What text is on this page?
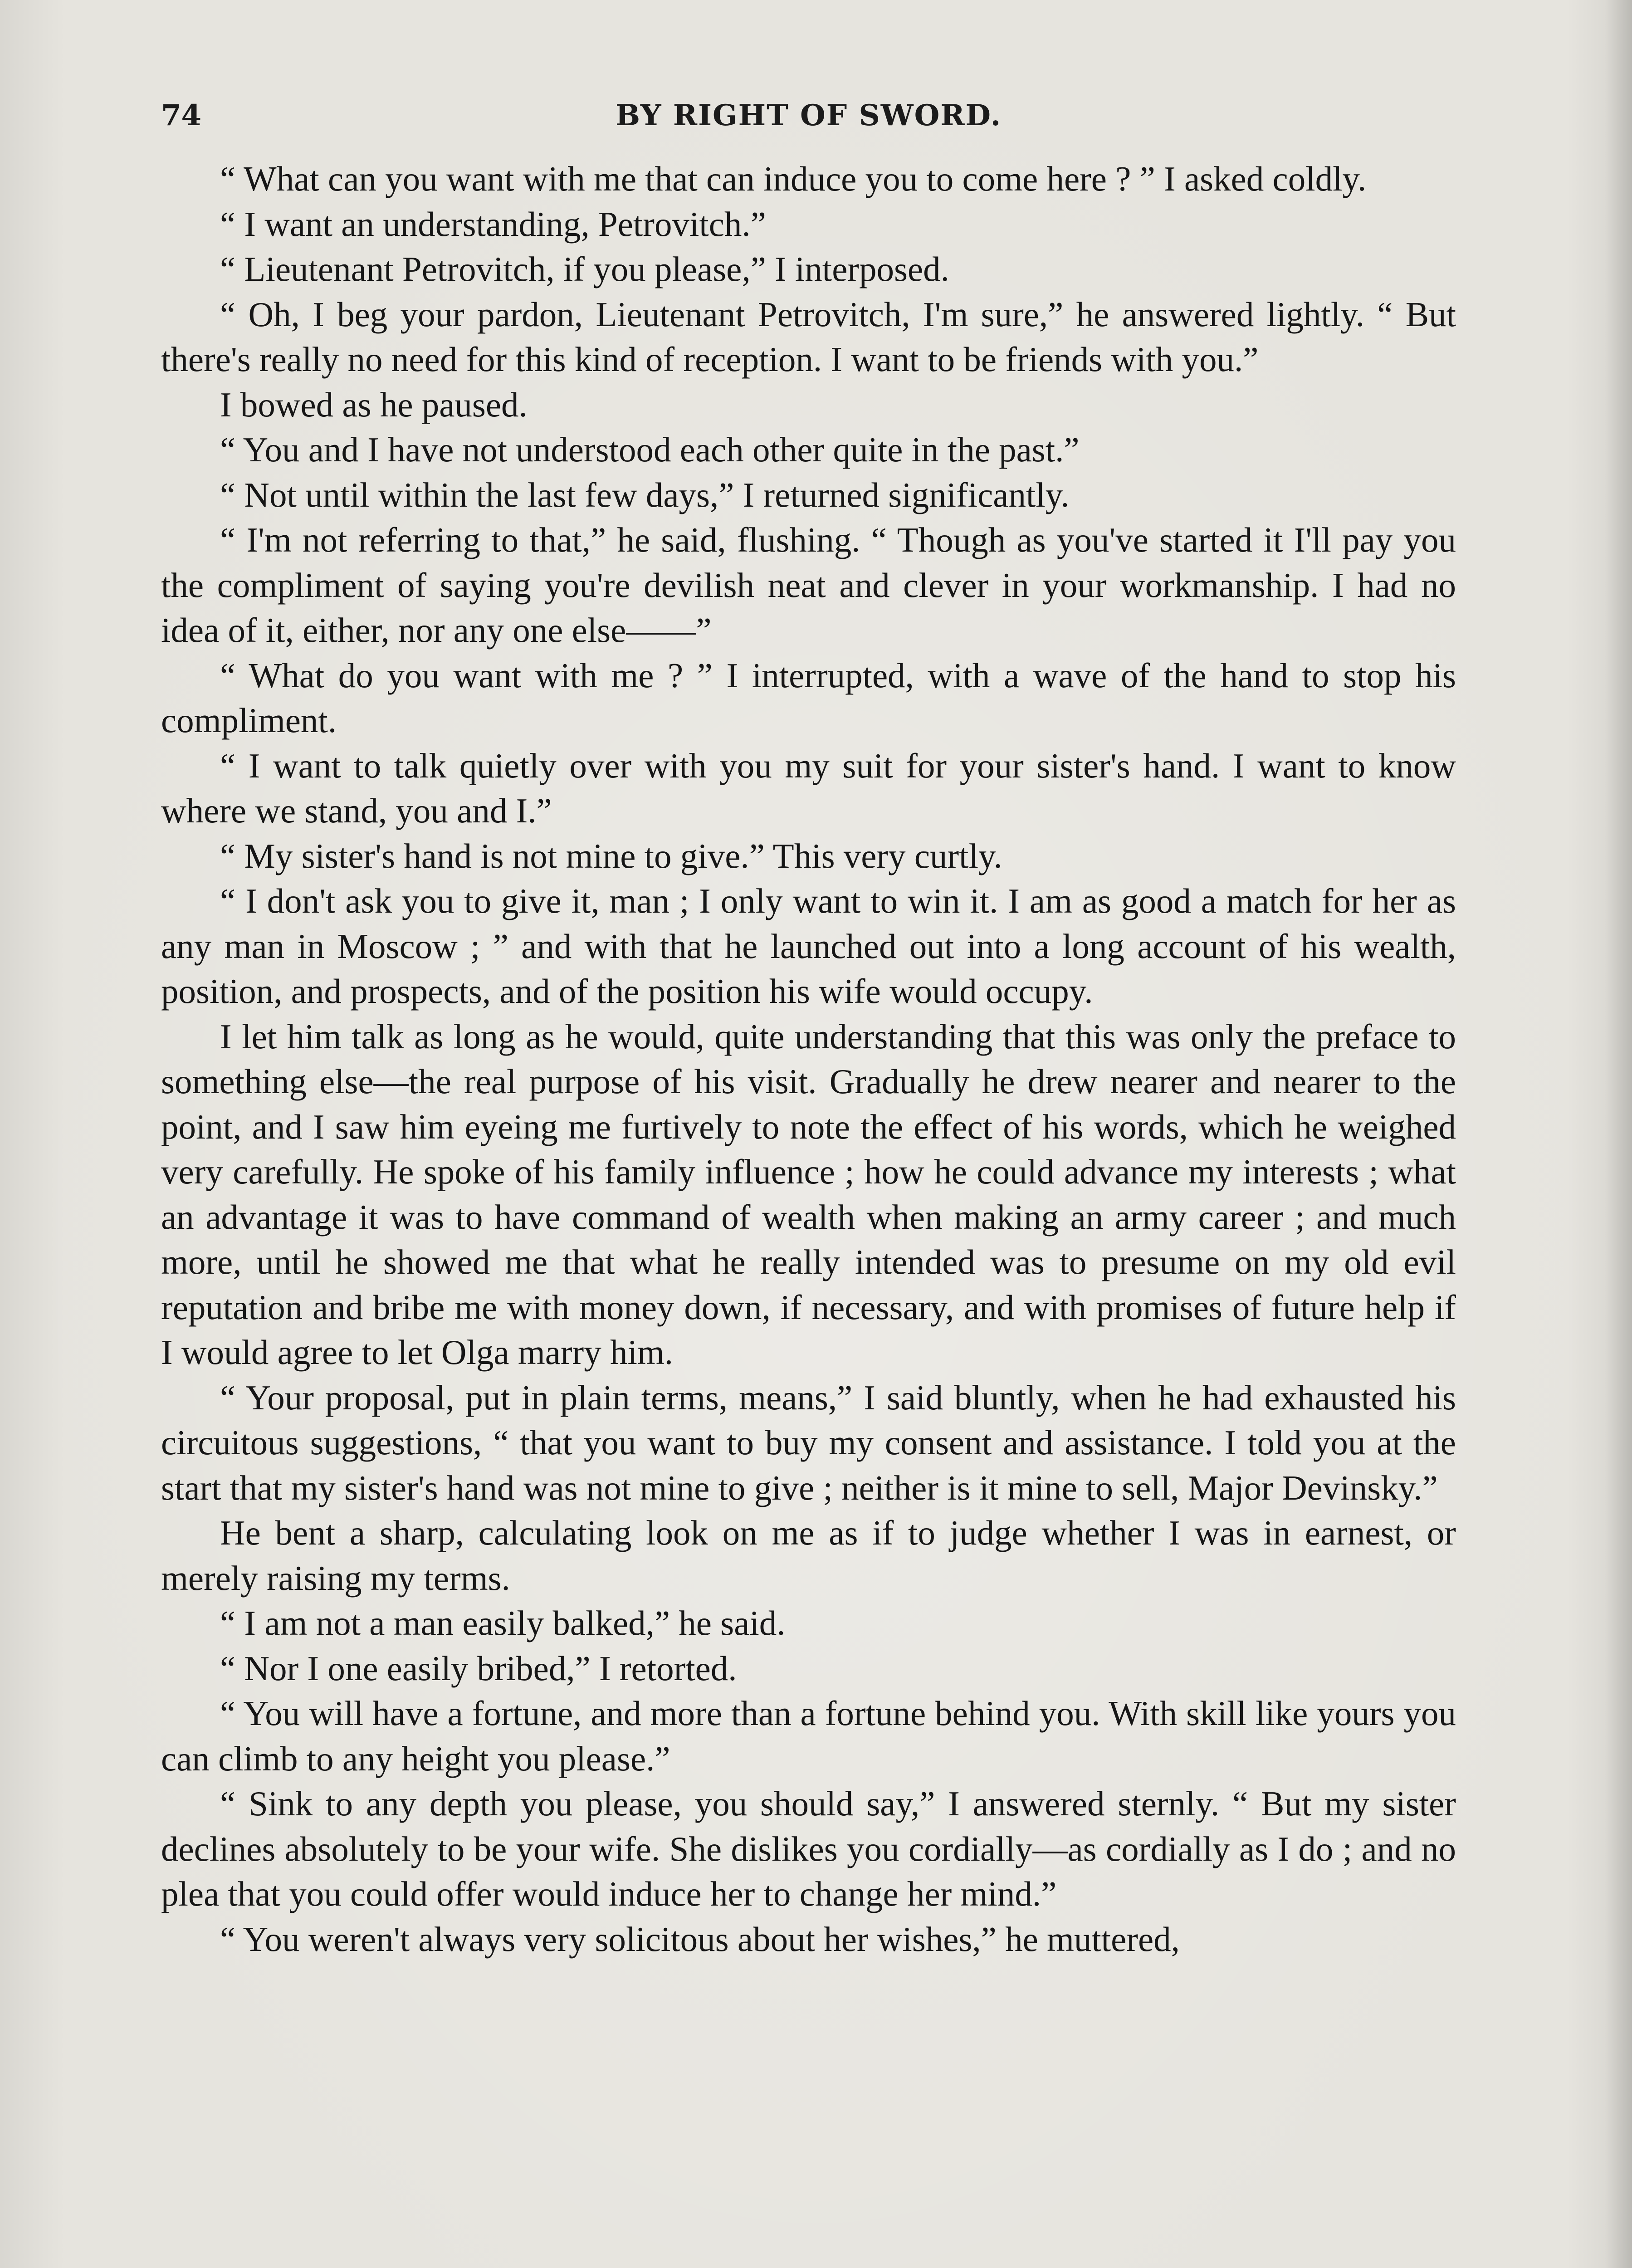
74	BY RIGHT OF SWORD.

“ What can you want with me that can induce you to come here ? ” I asked coldly.

“ I want an understanding, Petrovitch.”

“ Lieutenant Petrovitch, if you please,” I interposed.

“ Oh, I beg your pardon, Lieutenant Petrovitch, I'm sure,” he answered lightly. “ But there's really no need for this kind of reception. I want to be friends with you.”

I bowed as he paused.

“ You and I have not understood each other quite in the past.”

“ Not until within the last few days,” I returned significantly.

“ I'm not referring to that,” he said, flushing. “ Though as you've started it I'll pay you the compliment of saying you're devilish neat and clever in your workmanship. I had no idea of it, either, nor any one else——”

“ What do you want with me ? ” I interrupted, with a wave of the hand to stop his compliment.

“ I want to talk quietly over with you my suit for your sister's hand. I want to know where we stand, you and I.”

“ My sister's hand is not mine to give.” This very curtly.

“ I don't ask you to give it, man ; I only want to win it. I am as good a match for her as any man in Moscow ; ” and with that he launched out into a long account of his wealth, position, and prospects, and of the position his wife would occupy.

I let him talk as long as he would, quite understanding that this was only the preface to something else—the real purpose of his visit. Gradually he drew nearer and nearer to the point, and I saw him eyeing me furtively to note the effect of his words, which he weighed very carefully. He spoke of his family influence ; how he could advance my interests ; what an advantage it was to have command of wealth when making an army career ; and much more, until he showed me that what he really intended was to presume on my old evil reputation and bribe me with money down, if necessary, and with promises of future help if I would agree to let Olga marry him.

“ Your proposal, put in plain terms, means,” I said bluntly, when he had exhausted his circuitous suggestions, “ that you want to buy my consent and assistance. I told you at the start that my sister's hand was not mine to give ; neither is it mine to sell, Major Devinsky.”

He bent a sharp, calculating look on me as if to judge whether I was in earnest, or merely raising my terms.

“ I am not a man easily balked,” he said.

“ Nor I one easily bribed,” I retorted.

“ You will have a fortune, and more than a fortune behind you. With skill like yours you can climb to any height you please.”

“ Sink to any depth you please, you should say,” I answered sternly. “ But my sister declines absolutely to be your wife. She dislikes you cordially—as cordially as I do ; and no plea that you could offer would induce her to change her mind.”

“ You weren't always very solicitous about her wishes,” he muttered,
